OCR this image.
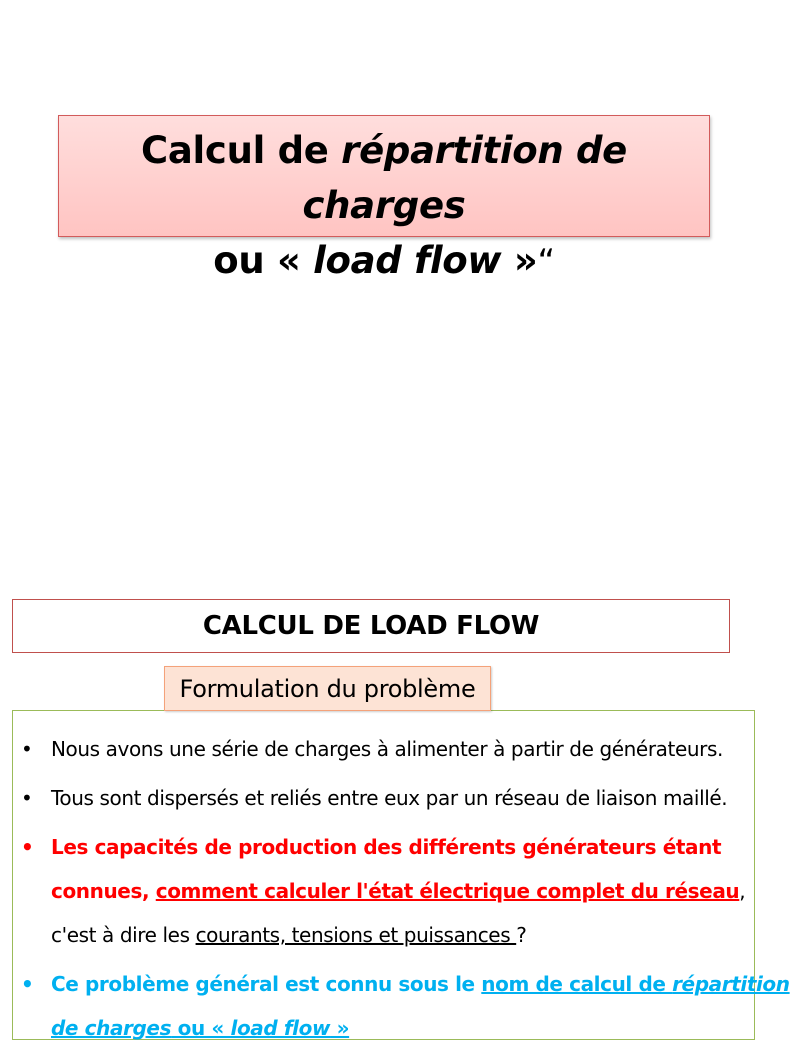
Calcul de répartition de charges
ou « load flow »“
CALCUL DE LOAD FLOW
Formulation du problème
• Nous avons une série de charges à alimenter à partir de générateurs.
• Tous sont dispersés et reliés entre eux par un réseau de liaison maillé.
• Les capacités de production des différents générateurs étant
connues, comment calculer l'état électrique complet du réseau,
c'est à dire les courants, tensions et puissances ?
• Ce problème général est connu sous le nom de calcul de répartition
de charges ou « load flow »
